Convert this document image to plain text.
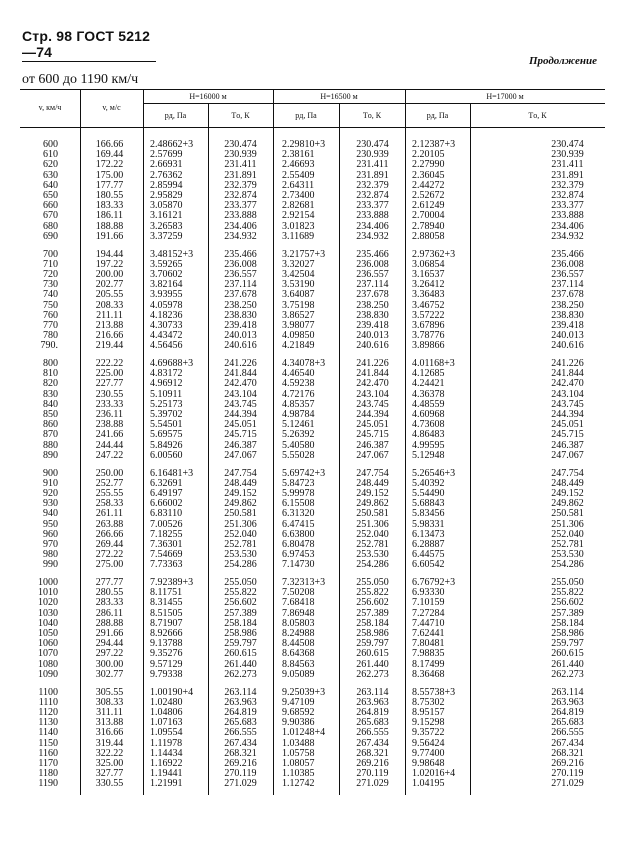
Стр. 98 ГОСТ 5212—74
Продолжение
от 600 до 1190 км/ч
v, км/ч	v, м/с
H=16000 м	H=16500 м	H=17000 м
pд, Па	Tо, К	pд, Па	Tо, К	pд, Па	Tо, К
600	166.66	2.48662+3	230.474	2.29810+3	230.474	2.12387+3	230.474
610	169.44	2.57699	230.939	2.38161	230.939	2.20105	230.939
620	172.22	2.66931	231.411	2.46693	231.411	2.27990	231.411
630	175.00	2.76362	231.891	2.55409	231.891	2.36045	231.891
640	177.77	2.85994	232.379	2.64311	232.379	2.44272	232.379
650	180.55	2.95829	232.874	2.73400	232.874	2.52672	232.874
660	183.33	3.05870	233.377	2.82681	233.377	2.61249	233.377
670	186.11	3.16121	233.888	2.92154	233.888	2.70004	233.888
680	188.88	3.26583	234.406	3.01823	234.406	2.78940	234.406
690	191.66	3.37259	234.932	3.11689	234.932	2.88058	234.932
700	194.44	3.48152+3	235.466	3.21757+3	235.466	2.97362+3	235.466
710	197.22	3.59265	236.008	3.32027	236.008	3.06854	236.008
720	200.00	3.70602	236.557	3.42504	236.557	3.16537	236.557
730	202.77	3.82164	237.114	3.53190	237.114	3.26412	237.114
740	205.55	3.93955	237.678	3.64087	237.678	3.36483	237.678
750	208.33	4.05978	238.250	3.75198	238.250	3.46752	238.250
760	211.11	4.18236	238.830	3.86527	238.830	3.57222	238.830
770	213.88	4.30733	239.418	3.98077	239.418	3.67896	239.418
780	216.66	4.43472	240.013	4.09850	240.013	3.78776	240.013
790.	219.44	4.56456	240.616	4.21849	240.616	3.89866	240.616
800	222.22	4.69688+3	241.226	4.34078+3	241.226	4.01168+3	241.226
810	225.00	4.83172	241.844	4.46540	241.844	4.12685	241.844
820	227.77	4.96912	242.470	4.59238	242.470	4.24421	242.470
830	230.55	5.10911	243.104	4.72176	243.104	4.36378	243.104
840	233.33	5.25173	243.745	4.85357	243.745	4.48559	243.745
850	236.11	5.39702	244.394	4.98784	244.394	4.60968	244.394
860	238.88	5.54501	245.051	5.12461	245.051	4.73608	245.051
870	241.66	5.69575	245.715	5.26392	245.715	4.86483	245.715
880	244.44	5.84926	246.387	5.40580	246.387	4.99595	246.387
890	247.22	6.00560	247.067	5.55028	247.067	5.12948	247.067
900	250.00	6.16481+3	247.754	5.69742+3	247.754	5.26546+3	247.754
910	252.77	6.32691	248.449	5.84723	248.449	5.40392	248.449
920	255.55	6.49197	249.152	5.99978	249.152	5.54490	249.152
930	258.33	6.66002	249.862	6.15508	249.862	5.68843	249.862
940	261.11	6.83110	250.581	6.31320	250.581	5.83456	250.581
950	263.88	7.00526	251.306	6.47415	251.306	5.98331	251.306
960	266.66	7.18255	252.040	6.63800	252.040	6.13473	252.040
970	269.44	7.36301	252.781	6.80478	252.781	6.28887	252.781
980	272.22	7.54669	253.530	6.97453	253.530	6.44575	253.530
990	275.00	7.73363	254.286	7.14730	254.286	6.60542	254.286
1000	277.77	7.92389+3	255.050	7.32313+3	255.050	6.76792+3	255.050
1010	280.55	8.11751	255.822	7.50208	255.822	6.93330	255.822
1020	283.33	8.31455	256.602	7.68418	256.602	7.10159	256.602
1030	286.11	8.51505	257.389	7.86948	257.389	7.27284	257.389
1040	288.88	8.71907	258.184	8.05803	258.184	7.44710	258.184
1050	291.66	8.92666	258.986	8.24988	258.986	7.62441	258.986
1060	294.44	9.13788	259.797	8.44508	259.797	7.80481	259.797
1070	297.22	9.35276	260.615	8.64368	260.615	7.98835	260.615
1080	300.00	9.57129	261.440	8.84563	261.440	8.17499	261.440
1090	302.77	9.79338	262.273	9.05089	262.273	8.36468	262.273
1100	305.55	1.00190+4	263.114	9.25039+3	263.114	8.55738+3	263.114
1110	308.33	1.02480	263.963	9.47109	263.963	8.75302	263.963
1120	311.11	1.04806	264.819	9.68592	264.819	8.95157	264.819
1130	313.88	1.07163	265.683	9.90386	265.683	9.15298	265.683
1140	316.66	1.09554	266.555	1.01248+4	266.555	9.35722	266.555
1150	319.44	1.11978	267.434	1.03488	267.434	9.56424	267.434
1160	322.22	1.14434	268.321	1.05758	268.321	9.77400	268.321
1170	325.00	1.16922	269.216	1.08057	269.216	9.98648	269.216
1180	327.77	1.19441	270.119	1.10385	270.119	1.02016+4	270.119
1190	330.55	1.21991	271.029	1.12742	271.029	1.04195	271.029
